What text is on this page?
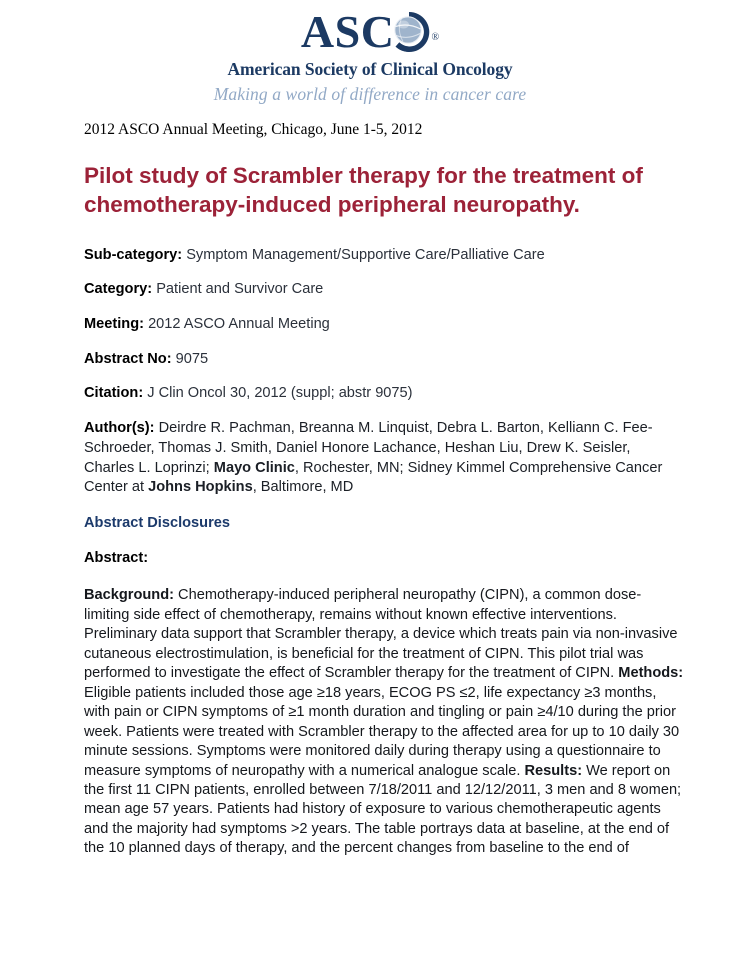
ASC	®
American Society of Clinical Oncology
Making a world of difference in cancer care
2012 ASCO Annual Meeting, Chicago, June 1-5, 2012
Pilot study of Scrambler therapy for the treatment of chemotherapy-induced peripheral neuropathy.
Sub-category: Symptom Management/Supportive Care/Palliative Care
Category: Patient and Survivor Care
Meeting: 2012 ASCO Annual Meeting
Abstract No: 9075
Citation: J Clin Oncol 30, 2012 (suppl; abstr 9075)
Author(s): Deirdre R. Pachman, Breanna M. Linquist, Debra L. Barton, Kelliann C. Fee-Schroeder, Thomas J. Smith, Daniel Honore Lachance, Heshan Liu, Drew K. Seisler, Charles L. Loprinzi; Mayo Clinic, Rochester, MN; Sidney Kimmel Comprehensive Cancer Center at Johns Hopkins, Baltimore, MD
Abstract Disclosures
Abstract:
Background: Chemotherapy-induced peripheral neuropathy (CIPN), a common dose-limiting side effect of chemotherapy, remains without known effective interventions. Preliminary data support that Scrambler therapy, a device which treats pain via non-invasive cutaneous electrostimulation, is beneficial for the treatment of CIPN. This pilot trial was performed to investigate the effect of Scrambler therapy for the treatment of CIPN. Methods: Eligible patients included those age ≥18 years, ECOG PS ≤2, life expectancy ≥3 months, with pain or CIPN symptoms of ≥1 month duration and tingling or pain ≥4/10 during the prior week. Patients were treated with Scrambler therapy to the affected area for up to 10 daily 30 minute sessions. Symptoms were monitored daily during therapy using a questionnaire to measure symptoms of neuropathy with a numerical analogue scale. Results: We report on the first 11 CIPN patients, enrolled between 7/18/2011 and 12/12/2011, 3 men and 8 women; mean age 57 years. Patients had history of exposure to various chemotherapeutic agents and the majority had symptoms >2 years. The table portrays data at baseline, at the end of the 10 planned days of therapy, and the percent changes from baseline to the end of
